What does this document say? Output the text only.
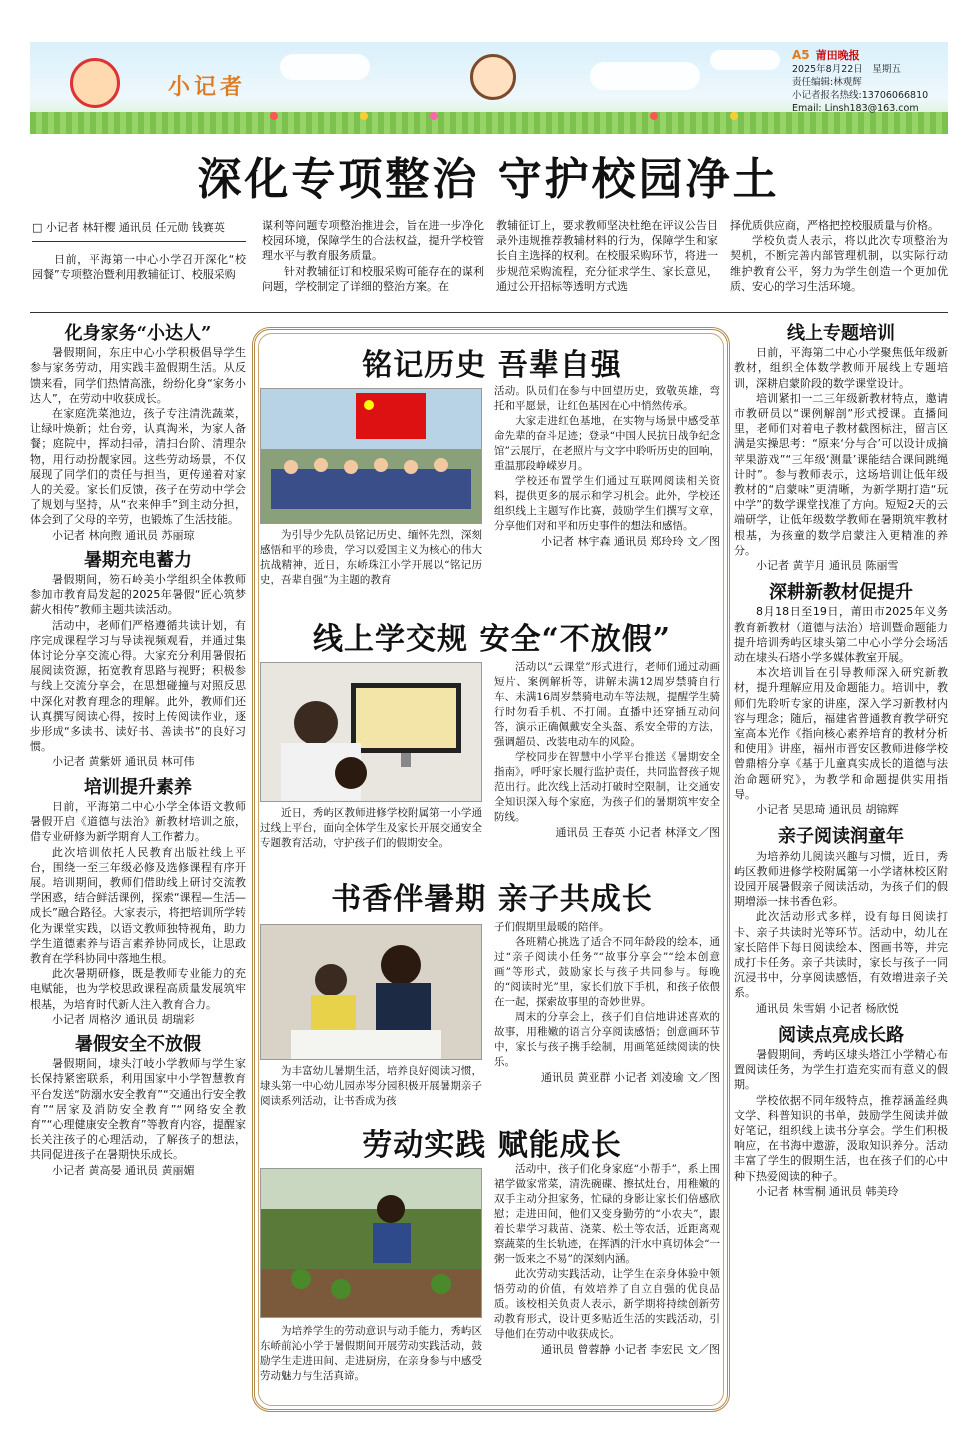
小记者
A5 莆田晚报
2025年8月22日　 星期五
责任编辑:林观辉
小记者报名热线:13706066810
Email: Linsh183@163.com
深化专项整治 守护校园净土
□ 小记者 林轩樱 通讯员 任元勋 钱赛英

日前，平海第一中心小学召开深化“校园餐”专项整治暨利用教辅征订、校服采购

谋利等问题专项整治推进会，旨在进一步净化校园环境，保障学生的合法权益，提升学校管理水平与教育服务质量。

针对教辅征订和校服采购可能存在的谋利问题，学校制定了详细的整治方案。在

教辅征订上，要求教师坚决杜绝在评议公告目录外违规推荐教辅材料的行为，保障学生和家长自主选择的权利。在校服采购环节，将进一步规范采购流程，充分征求学生、家长意见，通过公开招标等透明方式选

择优质供应商，严格把控校服质量与价格。

学校负责人表示，将以此次专项整治为契机，不断完善内部管理机制，以实际行动维护教育公平，努力为学生创造一个更加优质、安心的学习生活环境。

化身家务“小达人”

暑假期间，东庄中心小学积极倡导学生参与家务劳动，用实践丰盈假期生活。从反馈来看，同学们热情高涨，纷纷化身“家务小达人”，在劳动中收获成长。

在家庭洗菜池边，孩子专注清洗蔬菜，让绿叶焕新；灶台旁，认真淘米，为家人备餐；庭院中，挥动扫帚，清扫台阶、清理杂物，用行动扮靓家园。这些劳动场景，不仅展现了同学们的责任与担当，更传递着对家人的关爱。家长们反馈，孩子在劳动中学会了规划与坚持，从“衣来伸手”到主动分担，体会到了父母的辛劳，也锻炼了生活技能。

小记者 林向煦 通讯员 苏丽琼

暑期充电蓄力

暑假期间，笏石岭美小学组织全体教师参加市教育局发起的2025年暑假“匠心筑梦 薪火相传”教师主题共读活动。

活动中，老师们严格遵循共读计划，有序完成课程学习与导读视频观看，并通过集体讨论分享交流心得。大家充分利用暑假拓展阅读资源，拓宽教育思路与视野；积极参与线上交流分享会，在思想碰撞与对照反思中深化对教育理念的理解。此外，教师们还认真撰写阅读心得，按时上传阅读作业，逐步形成“多读书、读好书、善读书”的良好习惯。

小记者 黄紫妍 通讯员 林可伟

培训提升素养

日前，平海第二中心小学全体语文教师暑假开启《道德与法治》新教材培训之旅，借专业研修为新学期育人工作蓄力。

此次培训依托人民教育出版社线上平台，围绕一至三年级必修及选修课程有序开展。培训期间，教师们借助线上研讨交流教学困惑，结合鲜活课例，探索“课程—生活—成长”融合路径。大家表示，将把培训所学转化为课堂实践，以语文教师独特视角，助力学生道德素养与语言素养协同成长，让思政教育在学科协同中落地生根。

此次暑期研修，既是教师专业能力的充电赋能，也为学校思政课程高质量发展筑牢根基，为培育时代新人注入教育合力。

小记者 周格汐 通讯员 胡瑞彩

暑假安全不放假

暑假期间，埭头汀岐小学教师与学生家长保持紧密联系，利用国家中小学智慧教育平台发送“防溺水安全教育”“交通出行安全教育”“居家及消防安全教育”“网络安全教育”“心理健康安全教育”等教育内容，提醒家长关注孩子的心理活动，了解孩子的想法，共同促进孩子在暑期快乐成长。

小记者 黄高晏 通讯员 黄丽媚

线上专题培训

日前，平海第二中心小学聚焦低年级新教材，组织全体数学教师开展线上专题培训，深耕启蒙阶段的数学课堂设计。

培训紧扣一二三年级新教材特点，邀请市教研员以“课例解剖”形式授课。直播间里，老师们对着电子教材截图标注，留言区满是实操思考：“原来‘分与合’可以设计成摘苹果游戏”“三年级‘测量’课能结合课间跳绳计时”。参与教师表示，这场培训让低年级教材的“启蒙味”更清晰，为新学期打造“玩中学”的数学课堂找准了方向。短短2天的云端研学，让低年级数学教师在暑期筑牢教材根基，为孩童的数学启蒙注入更精准的养分。

小记者 黄芋月 通讯员 陈丽雪

深耕新教材促提升

8月18日至19日，莆田市2025年义务教育新教材（道德与法治）培训暨命题能力提升培训秀屿区埭头第二中心小学分会场活动在埭头石塔小学多媒体教室开展。

本次培训旨在引导教师深入研究新教材，提升理解应用及命题能力。培训中，教师们先聆听专家的讲座，深入学习新教材内容与理念；随后，福建省普通教育教学研究室高本光作《指向核心素养培育的教材分析和使用》讲座，福州市晋安区教师进修学校曾鼎榕分享《基于儿童真实成长的道德与法治命题研究》，为教学和命题提供实用指导。

小记者 吴思琦 通讯员 胡锦辉

亲子阅读润童年

为培养幼儿阅读兴趣与习惯，近日，秀屿区教师进修学校附属第一小学诸林校区附设园开展暑假亲子阅读活动，为孩子们的假期增添一抹书香色彩。

此次活动形式多样，设有每日阅读打卡、亲子共读时光等环节。活动中，幼儿在家长陪伴下每日阅读绘本、图画书等，并完成打卡任务。亲子共读时，家长与孩子一同沉浸书中，分享阅读感悟，有效增进亲子关系。

通讯员 朱雪娟 小记者 杨欣悦

阅读点亮成长路

暑假期间，秀屿区埭头塔江小学精心布置阅读任务，为学生打造充实而有意义的假期。

学校依据不同年级特点，推荐涵盖经典文学、科普知识的书单，鼓励学生阅读并做好笔记，组织线上读书分享会。学生们积极响应，在书海中遨游，汲取知识养分。活动丰富了学生的假期生活，也在孩子们的心中种下热爱阅读的种子。

小记者 林雪桐 通讯员 韩美玲

铭记历史 吾辈自强

为引导少先队员铭记历史、缅怀先烈，深刻感悟和平的珍贵，学习以爱国主义为核心的伟大抗战精神，近日，东峤珠江小学开展以“铭记历史，吾辈自强”为主题的教育

活动。队员们在参与中回望历史，致敬英雄，弯托和平愿景，让红色基因在心中悄然传承。

大家走进红色基地，在实物与场景中感受革命先辈的奋斗足迹；登录“中国人民抗日战争纪念馆”云展厅，在老照片与文字中聆听历史的回响，重温那段峥嵘岁月。

学校还布置学生们通过互联网阅读相关资料，提供更多的展示和学习机会。此外，学校还组织线上主题写作比赛，鼓励学生们撰写文章，分享他们对和平和历史事件的想法和感悟。

小记者 林宇森 通讯员 郑玲玲 文／图

线上学交规 安全“不放假”

近日，秀屿区教师进修学校附属第一小学通过线上平台，面向全体学生及家长开展交通安全专题教育活动，守护孩子们的假期安全。

活动以“云课堂”形式进行，老师们通过动画短片、案例解析等，讲解未满12周岁禁骑自行车、未满16周岁禁骑电动车等法规，提醒学生骑行时勿看手机、不打闹。直播中还穿插互动问答，演示正确佩戴安全头盔、系安全带的方法，强调超员、改装电动车的风险。

学校同步在智慧中小学平台推送《暑期安全指南》，呼吁家长履行监护责任，共同监督孩子规范出行。此次线上活动打破时空限制，让交通安全知识深入每个家庭，为孩子们的暑期筑牢安全防线。

通讯员 王春英 小记者 林泽文／图

书香伴暑期 亲子共成长

为丰富幼儿暑期生活，培养良好阅读习惯，埭头第一中心幼儿园赤岑分园积极开展暑期亲子阅读系列活动，让书香成为孩

子们假期里最暖的陪伴。

各班精心挑选了适合不同年龄段的绘本，通过“亲子阅读小任务”“故事分享会”“绘本创意画”等形式，鼓励家长与孩子共同参与。每晚的“阅读时光”里，家长们放下手机，和孩子依偎在一起，探索故事里的奇妙世界。

周末的分享会上，孩子们自信地讲述喜欢的故事，用稚嫩的语言分享阅读感悟；创意画环节中，家长与孩子携手绘制，用画笔延续阅读的快乐。

通讯员 黄亚群 小记者 刘凌瑜 文／图

劳动实践 赋能成长

为培养学生的劳动意识与动手能力，秀屿区东峤前沁小学于暑假期间开展劳动实践活动，鼓励学生走进田间、走进厨房，在亲身参与中感受劳动魅力与生活真谛。

活动中，孩子们化身家庭“小帮手”，系上围裙学做家常菜，清洗碗碟、擦拭灶台，用稚嫩的双手主动分担家务，忙碌的身影让家长们倍感欣慰；走进田间，他们又变身勤劳的“小农夫”，跟着长辈学习栽苗、浇菜、松土等农活，近距离观察蔬菜的生长轨迹，在挥洒的汗水中真切体会“一粥一饭来之不易”的深刻内涵。

此次劳动实践活动，让学生在亲身体验中领悟劳动的价值，有效培养了自立自强的优良品质。该校相关负责人表示，新学期将持续创新劳动教育形式，设计更多贴近生活的实践活动，引导他们在劳动中收获成长。

通讯员 曾蓉静 小记者 李宏民 文／图
